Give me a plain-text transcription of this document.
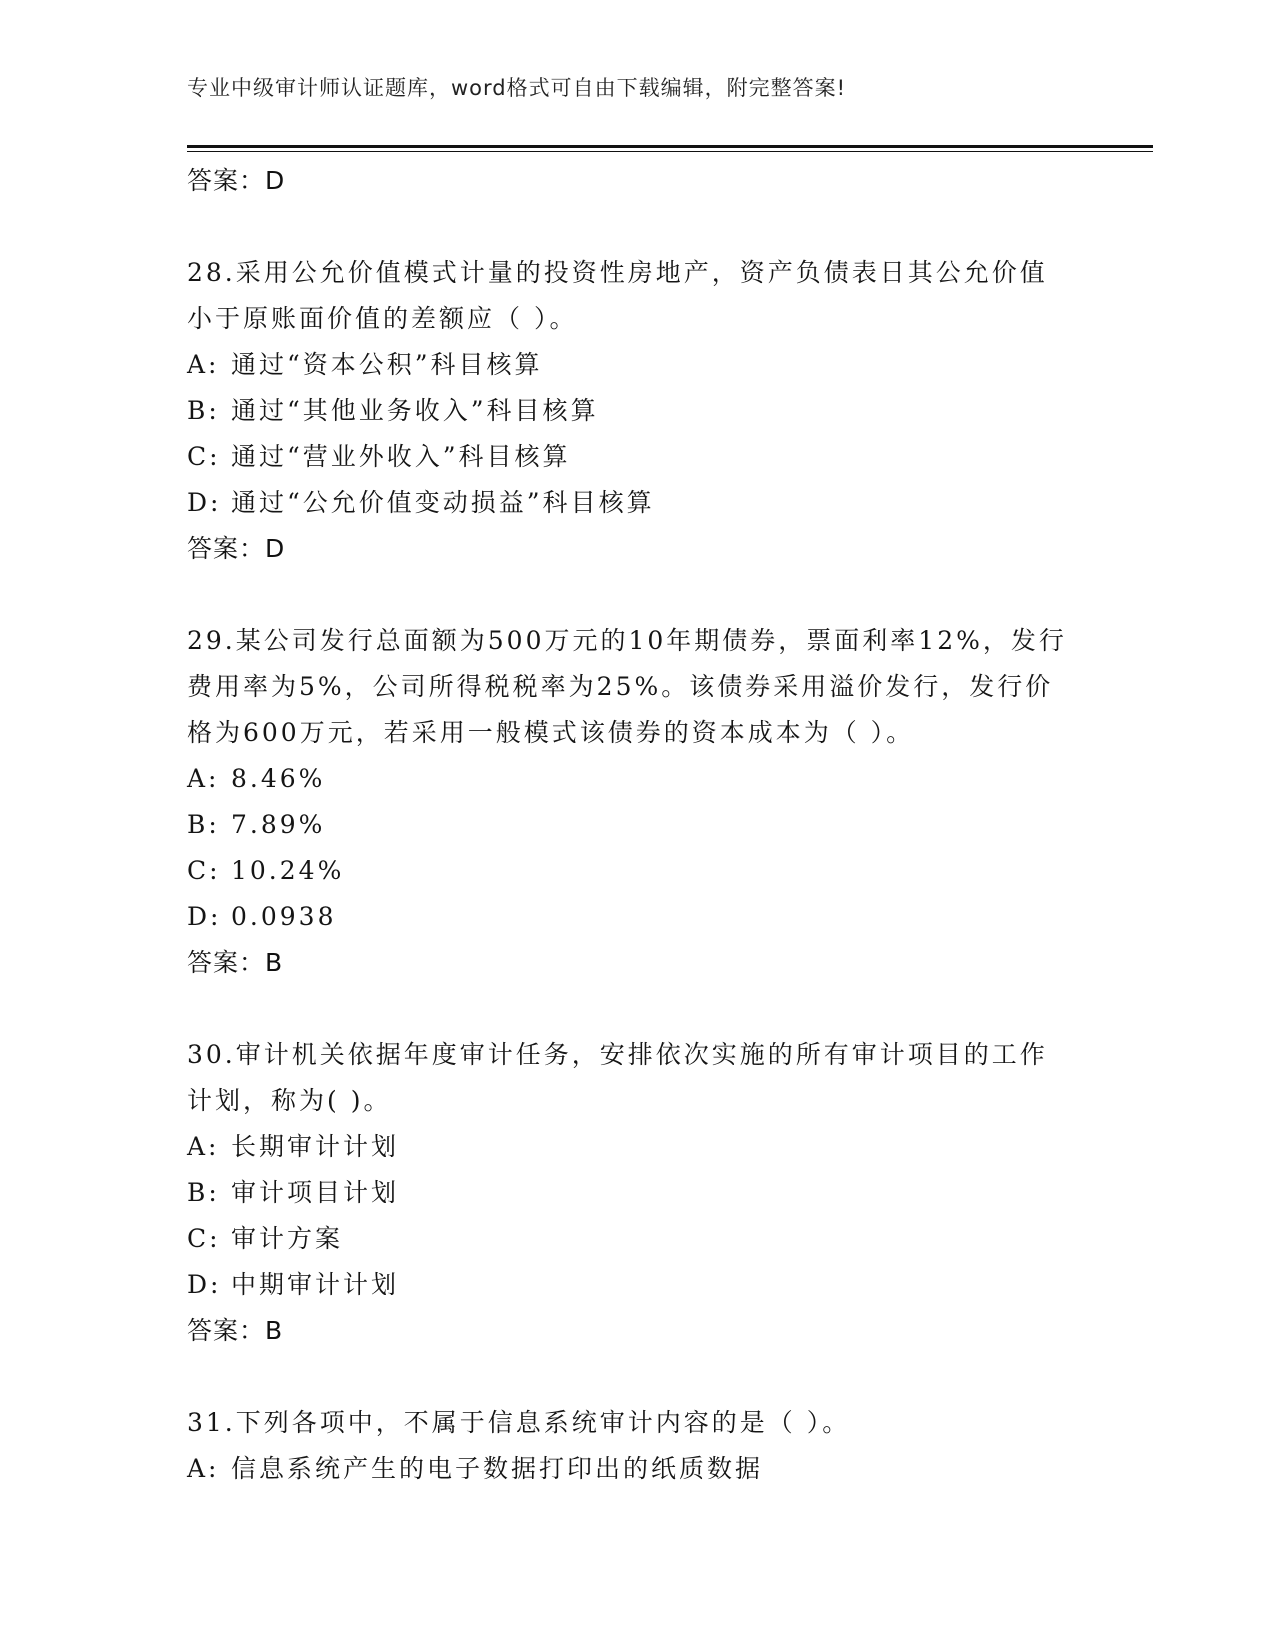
专业中级审计师认证题库，word格式可自由下载编辑，附完整答案!
答案：D
28.采用公允价值模式计量的投资性房地产，资产负债表日其公允价值
小于原账面价值的差额应（ ）。
A: 通过“资本公积”科目核算
B: 通过“其他业务收入”科目核算
C: 通过“营业外收入”科目核算
D: 通过“公允价值变动损益”科目核算
答案：D
29.某公司发行总面额为500万元的10年期债券，票面利率12%，发行
费用率为5%，公司所得税税率为25%。该债券采用溢价发行，发行价
格为600万元，若采用一般模式该债券的资本成本为（ ）。
A: 8.46%
B: 7.89%
C: 10.24%
D: 0.0938
答案：B
30.审计机关依据年度审计任务，安排依次实施的所有审计项目的工作
计划，称为( )。
A: 长期审计计划
B: 审计项目计划
C: 审计方案
D: 中期审计计划
答案：B
31.下列各项中，不属于信息系统审计内容的是（ ）。
A: 信息系统产生的电子数据打印出的纸质数据
